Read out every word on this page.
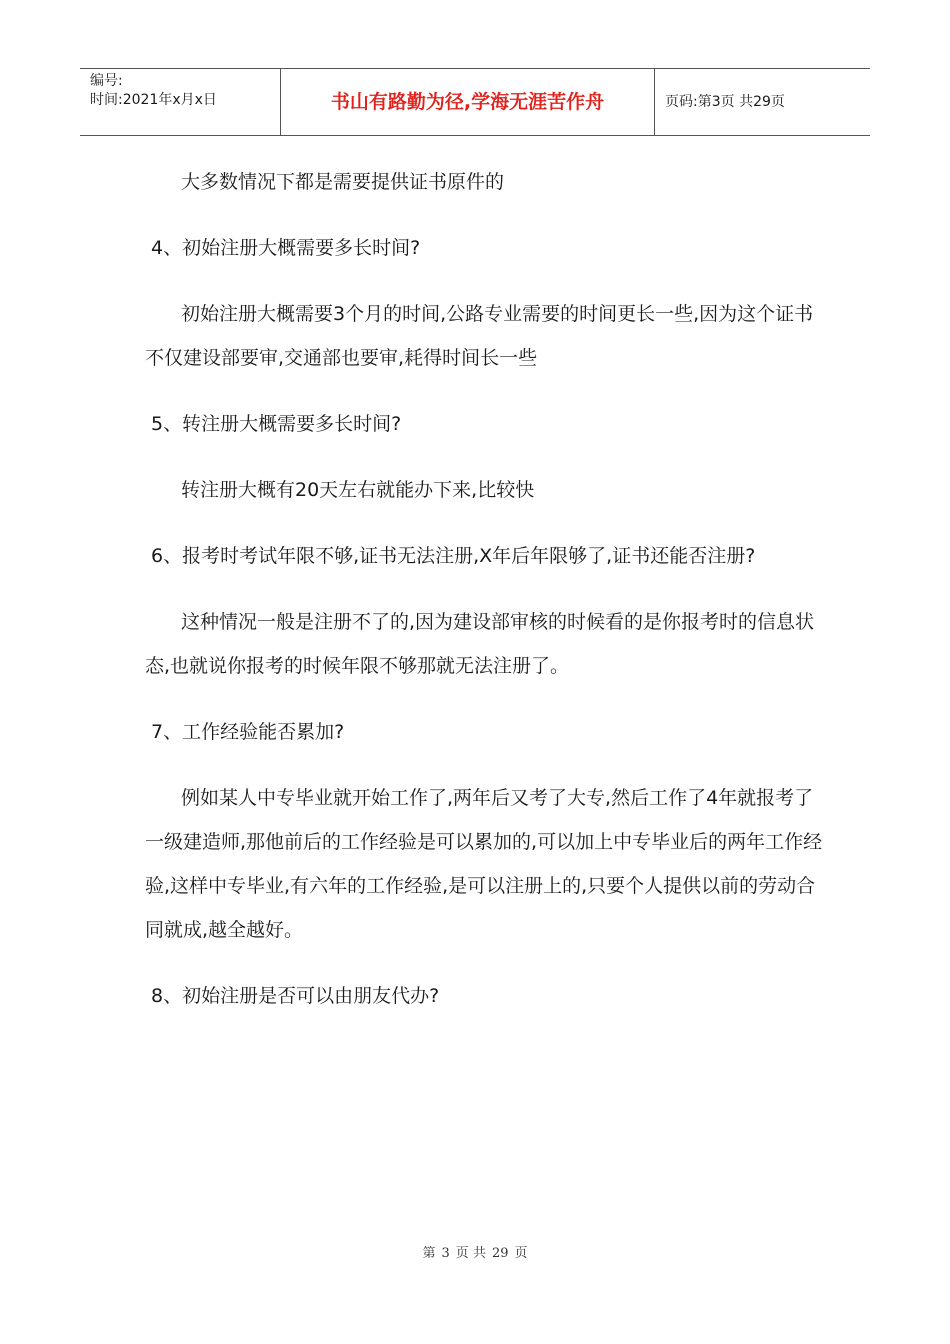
编号:
时间:2021年x月x日	书山有路勤为径,学海无涯苦作舟	页码:第3页 共29页
大多数情况下都是需要提供证书原件的
4、初始注册大概需要多长时间?
初始注册大概需要3个月的时间,公路专业需要的时间更长一些,因为这个证书不仅建设部要审,交通部也要审,耗得时间长一些
5、转注册大概需要多长时间?
转注册大概有20天左右就能办下来,比较快
6、报考时考试年限不够,证书无法注册,X年后年限够了,证书还能否注册?
这种情况一般是注册不了的,因为建设部审核的时候看的是你报考时的信息状态,也就说你报考的时候年限不够那就无法注册了。
7、工作经验能否累加?
例如某人中专毕业就开始工作了,两年后又考了大专,然后工作了4年就报考了一级建造师,那他前后的工作经验是可以累加的,可以加上中专毕业后的两年工作经验,这样中专毕业,有六年的工作经验,是可以注册上的,只要个人提供以前的劳动合同就成,越全越好。
8、初始注册是否可以由朋友代办?
第 3 页 共 29 页
